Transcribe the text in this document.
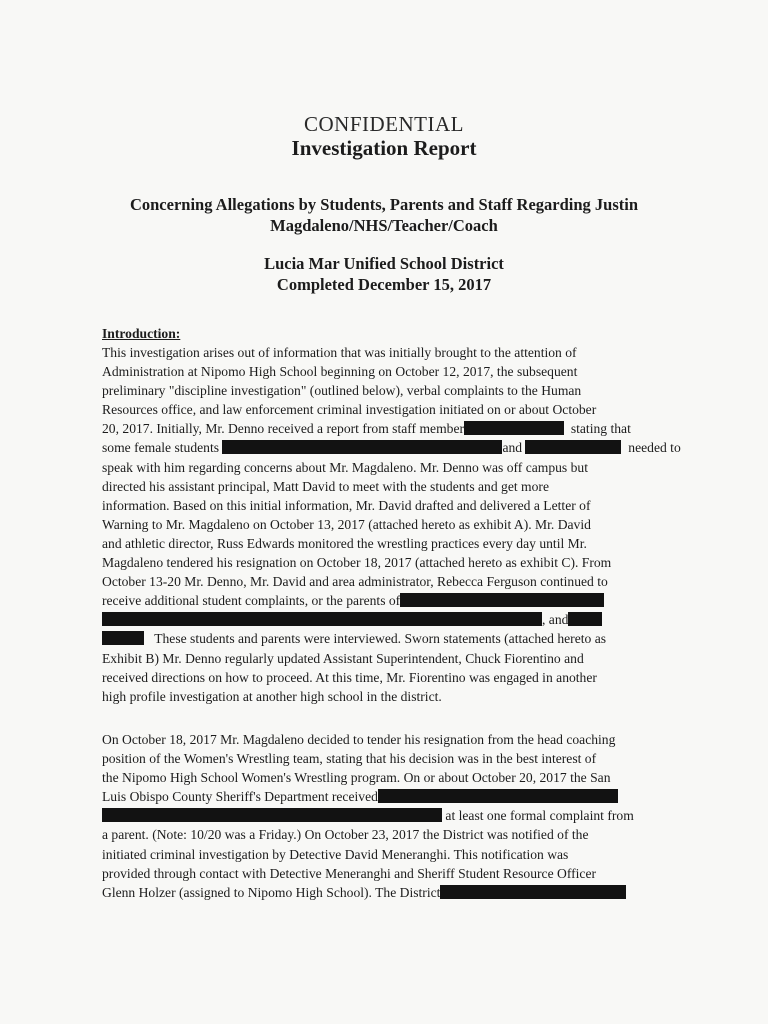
CONFIDENTIAL
Investigation Report
Concerning Allegations by Students, Parents and Staff Regarding Justin
Magdaleno/NHS/Teacher/Coach
Lucia Mar Unified School District
Completed December 15, 2017
Introduction:
This investigation arises out of information that was initially brought to the attention of
Administration at Nipomo High School beginning on October 12, 2017, the subsequent
preliminary "discipline investigation" (outlined below), verbal complaints to the Human
Resources office, and law enforcement criminal investigation initiated on or about October
20, 2017. Initially, Mr. Denno received a report from staff member	stating that
some female students	and	needed to
speak with him regarding concerns about Mr. Magdaleno. Mr. Denno was off campus but
directed his assistant principal, Matt David to meet with the students and get more
information. Based on this initial information, Mr. David drafted and delivered a Letter of
Warning to Mr. Magdaleno on October 13, 2017 (attached hereto as exhibit A). Mr. David
and athletic director, Russ Edwards monitored the wrestling practices every day until Mr.
Magdaleno tendered his resignation on October 18, 2017 (attached hereto as exhibit C). From
October 13-20 Mr. Denno, Mr. David and area administrator, Rebecca Ferguson continued to
receive additional student complaints, or the parents of
, and
These students and parents were interviewed. Sworn statements (attached hereto as
Exhibit B) Mr. Denno regularly updated Assistant Superintendent, Chuck Fiorentino and
received directions on how to proceed. At this time, Mr. Fiorentino was engaged in another
high profile investigation at another high school in the district.
On October 18, 2017 Mr. Magdaleno decided to tender his resignation from the head coaching
position of the Women's Wrestling team, stating that his decision was in the best interest of
the Nipomo High School Women's Wrestling program. On or about October 20, 2017 the San
Luis Obispo County Sheriff's Department received
at least one formal complaint from
a parent. (Note: 10/20 was a Friday.) On October 23, 2017 the District was notified of the
initiated criminal investigation by Detective David Meneranghi. This notification was
provided through contact with Detective Meneranghi and Sheriff Student Resource Officer
Glenn Holzer (assigned to Nipomo High School). The District
